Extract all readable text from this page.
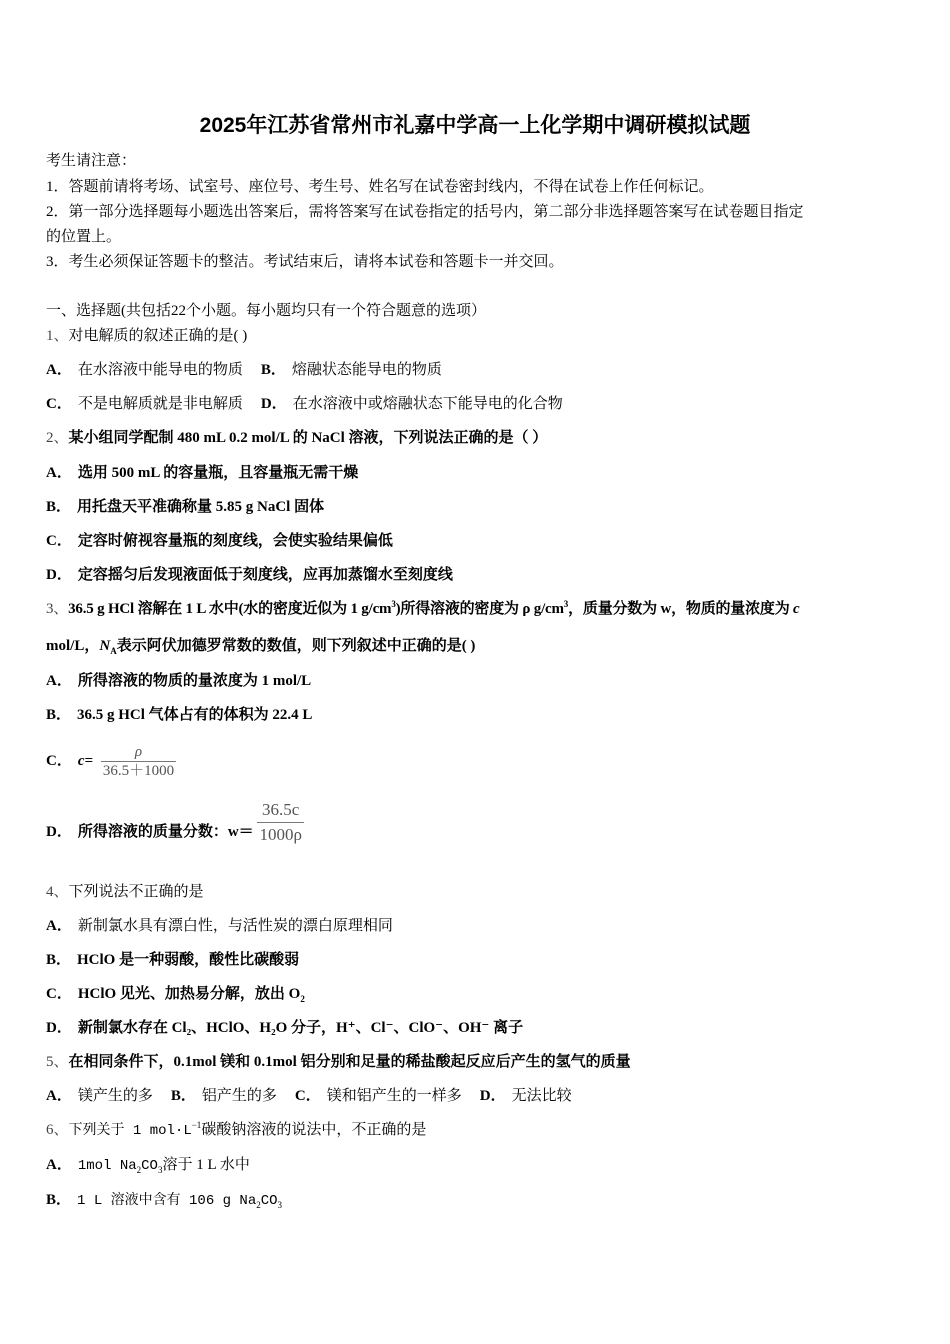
2025年江苏省常州市礼嘉中学高一上化学期中调研模拟试题
考生请注意：
1．答题前请将考场、试室号、座位号、考生号、姓名写在试卷密封线内，不得在试卷上作任何标记。
2．第一部分选择题每小题选出答案后，需将答案写在试卷指定的括号内，第二部分非选择题答案写在试卷题目指定
的位置上。
3．考生必须保证答题卡的整洁。考试结束后，请将本试卷和答题卡一并交回。
一、选择题(共包括22个小题。每小题均只有一个符合题意的选项）
1、对电解质的叙述正确的是( )
A． 在水溶液中能导电的物质 B． 熔融状态能导电的物质
C． 不是电解质就是非电解质 D． 在水溶液中或熔融状态下能导电的化合物
2、某小组同学配制 480 mL 0.2 mol/L 的 NaCl 溶液，下列说法正确的是（ ）
A． 选用 500 mL 的容量瓶，且容量瓶无需干燥
B． 用托盘天平准确称量 5.85 g NaCl 固体
C． 定容时俯视容量瓶的刻度线，会使实验结果偏低
D． 定容摇匀后发现液面低于刻度线，应再加蒸馏水至刻度线
3、36.5 g HCl 溶解在 1 L 水中(水的密度近似为 1 $g/cm^3$)所得溶液的密度为 ρ $g/cm^3$，质量分数为 w，物质的量浓度为 c
mol/L，$N_A$表示阿伏加德罗常数的数值，则下列叙述中正确的是( )
A． 所得溶液的物质的量浓度为 1 mol/L
B． 36.5 g HCl 气体占有的体积为 22.4 L
C． $c= \frac{\rho}{36.5+1000}$
D． 所得溶液的质量分数：$w= \frac{36.5c}{1000\rho}$
4、下列说法不正确的是
A． 新制氯水具有漂白性，与活性炭的漂白原理相同
B． HClO 是一种弱酸，酸性比碳酸弱
C． HClO 见光、加热易分解，放出 $O_2$
D． 新制氯水存在 Cl₂、HClO、H₂O 分子，H⁺、Cl⁻、ClO⁻、OH⁻ 离子
5、在相同条件下，0.1mol 镁和 0.1mol 铝分别和足量的稀盐酸起反应后产生的氢气的质量
A． 镁产生的多 B． 铝产生的多 C． 镁和铝产生的一样多 D． 无法比较
6、下列关于 1 $mol\cdot L^{-1}$碳酸钠溶液的说法中，不正确的是
A． 1mol $Na_2CO_3$溶于 1 L 水中
B． 1 L 溶液中含有 106 g $Na_2CO_3$
